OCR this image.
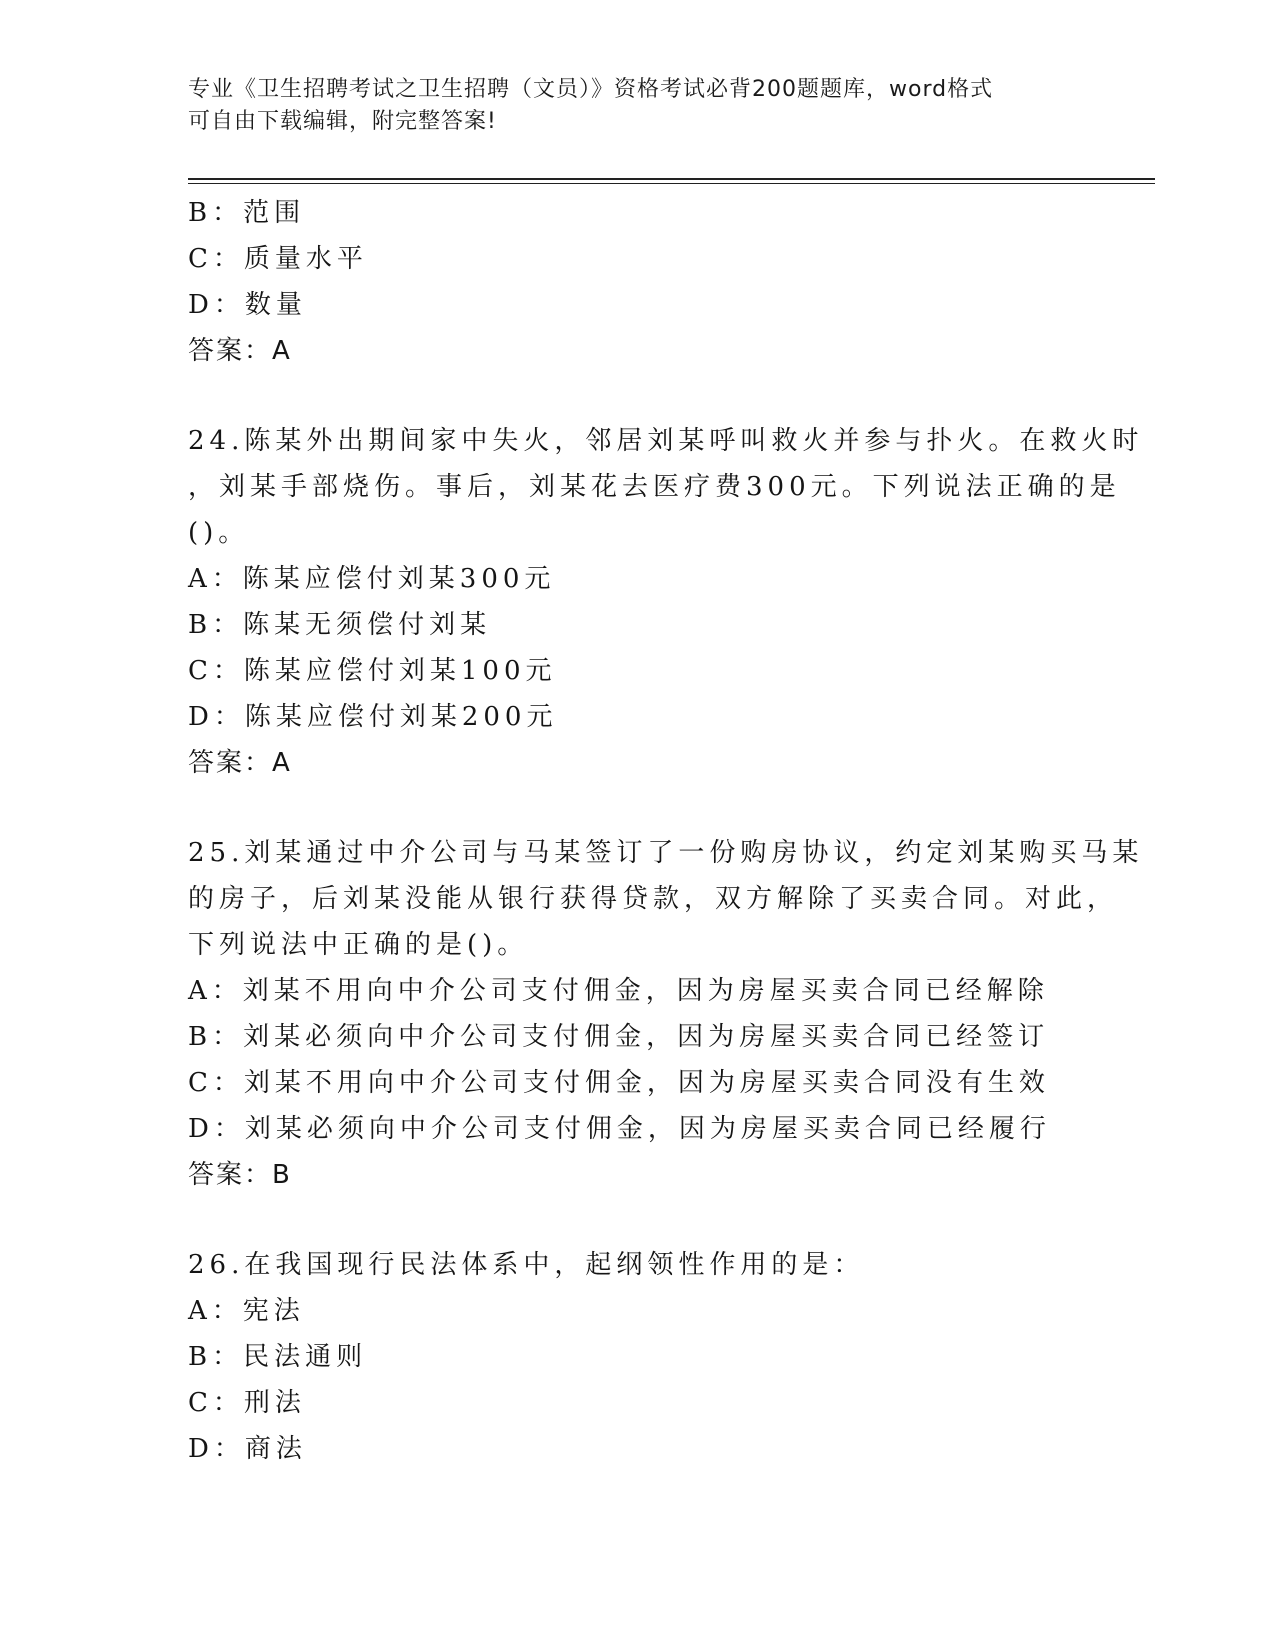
专业《卫生招聘考试之卫生招聘（文员）》资格考试必背200题题库，word格式
可自由下载编辑，附完整答案!
B：范围
C：质量水平
D：数量
答案：A
24.陈某外出期间家中失火，邻居刘某呼叫救火并参与扑火。在救火时
，刘某手部烧伤。事后，刘某花去医疗费300元。下列说法正确的是
()。
A：陈某应偿付刘某300元
B：陈某无须偿付刘某
C：陈某应偿付刘某100元
D：陈某应偿付刘某200元
答案：A
25.刘某通过中介公司与马某签订了一份购房协议，约定刘某购买马某
的房子，后刘某没能从银行获得贷款，双方解除了买卖合同。对此，
下列说法中正确的是()。
A：刘某不用向中介公司支付佣金，因为房屋买卖合同已经解除
B：刘某必须向中介公司支付佣金，因为房屋买卖合同已经签订
C：刘某不用向中介公司支付佣金，因为房屋买卖合同没有生效
D：刘某必须向中介公司支付佣金，因为房屋买卖合同已经履行
答案：B
26.在我国现行民法体系中，起纲领性作用的是：
A：宪法
B：民法通则
C：刑法
D：商法
